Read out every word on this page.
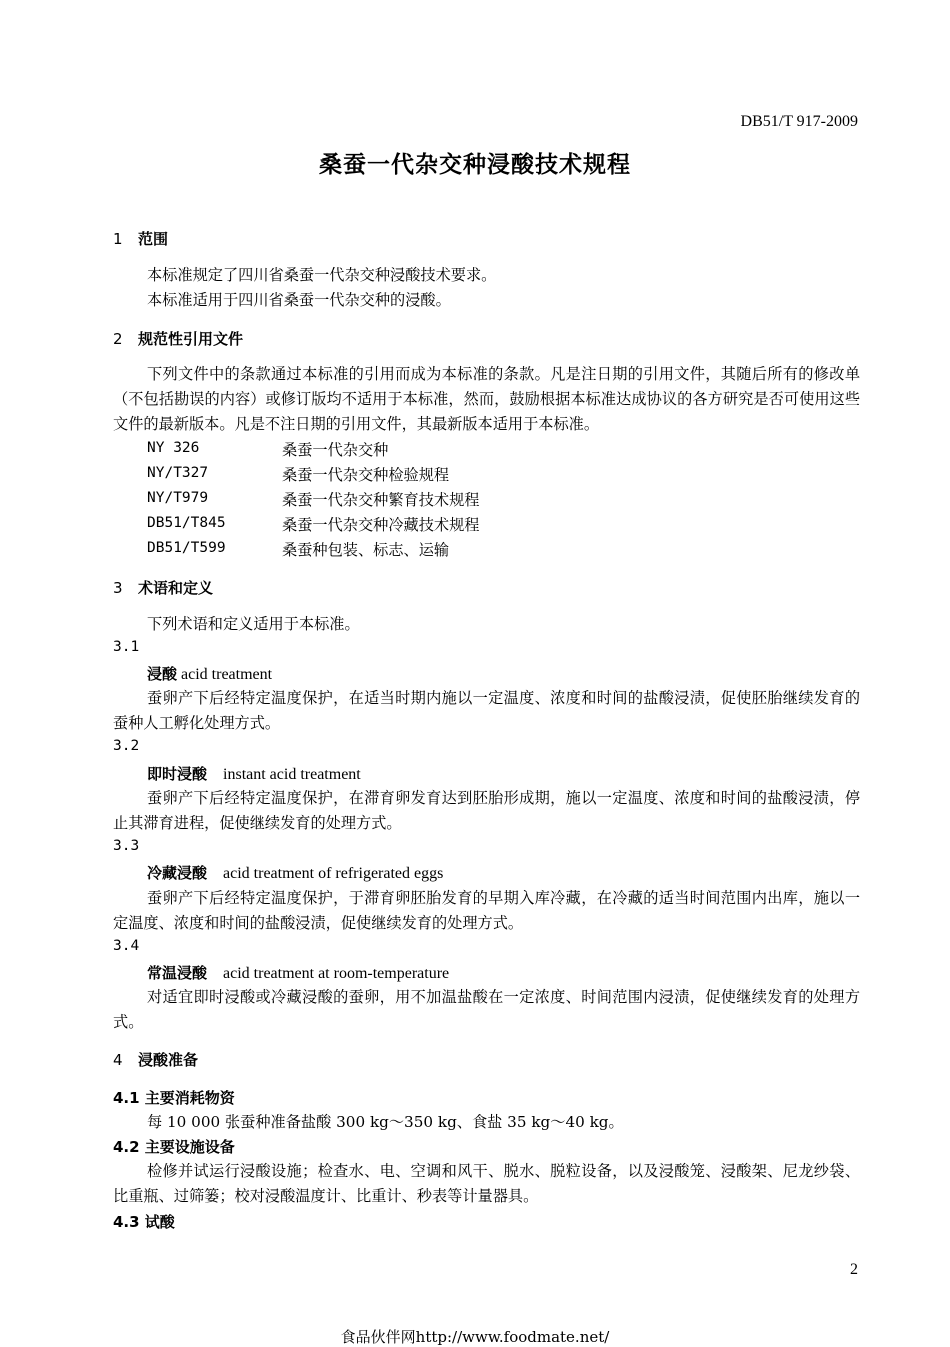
DB51/T 917-2009
桑蚕一代杂交种浸酸技术规程
1 范围
本标准规定了四川省桑蚕一代杂交种浸酸技术要求。
本标准适用于四川省桑蚕一代杂交种的浸酸。
2 规范性引用文件
下列文件中的条款通过本标准的引用而成为本标准的条款。凡是注日期的引用文件，其随后所有的修改单（不包括勘误的内容）或修订版均不适用于本标准，然而，鼓励根据本标准达成协议的各方研究是否可使用这些文件的最新版本。凡是不注日期的引用文件，其最新版本适用于本标准。
NY 326	桑蚕一代杂交种
NY/T327	桑蚕一代杂交种检验规程
NY/T979	桑蚕一代杂交种繁育技术规程
DB51/T845	桑蚕一代杂交种冷藏技术规程
DB51/T599	桑蚕种包装、标志、运输
3 术语和定义
下列术语和定义适用于本标准。
3.1
浸酸 acid treatment
蚕卵产下后经特定温度保护，在适当时期内施以一定温度、浓度和时间的盐酸浸渍，促使胚胎继续发育的蚕种人工孵化处理方式。
3.2
即时浸酸 instant acid treatment
蚕卵产下后经特定温度保护，在滞育卵发育达到胚胎形成期，施以一定温度、浓度和时间的盐酸浸渍，停止其滞育进程，促使继续发育的处理方式。
3.3
冷藏浸酸 acid treatment of refrigerated eggs
蚕卵产下后经特定温度保护，于滞育卵胚胎发育的早期入库冷藏，在冷藏的适当时间范围内出库，施以一定温度、浓度和时间的盐酸浸渍，促使继续发育的处理方式。
3.4
常温浸酸 acid treatment at room-temperature
对适宜即时浸酸或冷藏浸酸的蚕卵，用不加温盐酸在一定浓度、时间范围内浸渍，促使继续发育的处理方式。
4 浸酸准备
4.1 主要消耗物资
每 10 000 张蚕种准备盐酸 300 kg～350 kg、食盐 35 kg～40 kg。
4.2 主要设施设备
检修并试运行浸酸设施；检查水、电、空调和风干、脱水、脱粒设备，以及浸酸笼、浸酸架、尼龙纱袋、比重瓶、过筛篓；校对浸酸温度计、比重计、秒表等计量器具。
4.3 试酸
2
食品伙伴网http://www.foodmate.net/
